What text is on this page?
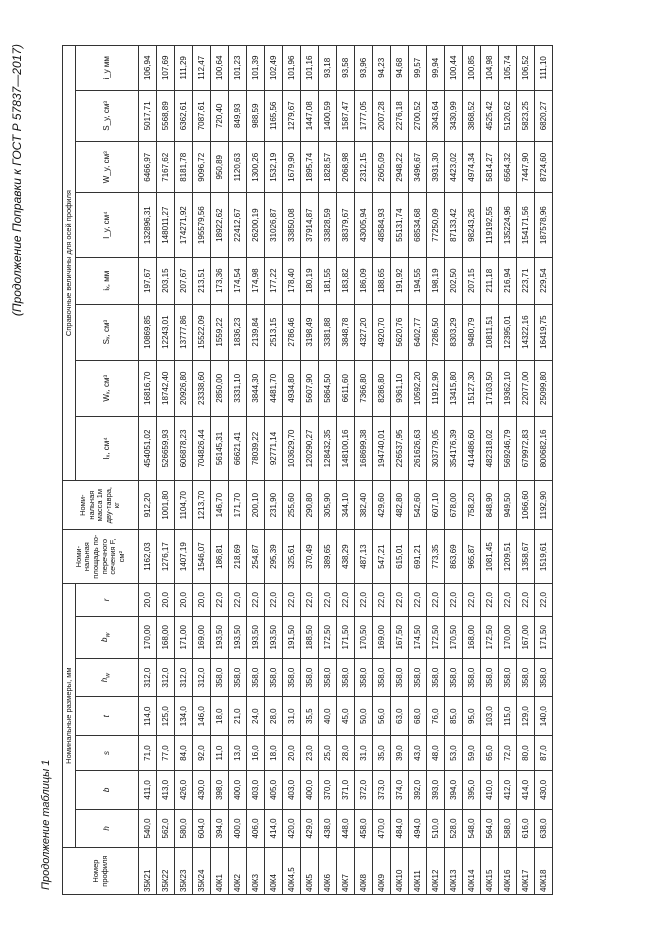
(Продолжение Поправки к ГОСТ Р 57837—2017)
Продолжение таблицы 1	Номер профиля	Номинальные размеры, мм							Номи-нальная площадь по-перечного сечения F, см²	Номи-нальная масса 1м дву-тавра, кг	Справочные величины для осей профиля							
	h	b	s	t	$h_w$	$b_w$	r			Iₓ, см⁴	Wₓ, см³	Sₓ, см³	iₓ, мм	I_y, см⁴	W_y, см³	S_y, см³	i_y мм
35К21	540,0	411,0	71,0	114,0	312,0	170,00	20,0	1162,03	912,20	454051,02	16816,70	10869,85	197,67	132896,31	6466,97	5017,71	106,94
35К22	562,0	413,0	77,0	125,0	312,0	168,00	20,0	1276,17	1001,80	526659,93	18742,40	12243,01	203,15	148011,27	7167,62	5568,89	107,69
35К23	580,0	426,0	84,0	134,0	312,0	171,00	20,0	1407,19	1104,70	606878,23	20926,80	13777,86	207,67	174271,92	8181,78	6362,61	111,29
35К24	604,0	430,0	92,0	146,0	312,0	169,00	20,0	1546,07	1213,70	704826,44	23338,60	15522,09	213,51	195579,56	9096,72	7087,61	112,47
40К1	394,0	398,0	11,0	18,0	358,0	193,50	22,0	186,81	146,70	56145,31	2850,00	1559,22	173,36	18922,62	950,89	720,40	100,64
40К2	400,0	400,0	13,0	21,0	358,0	193,50	22,0	218,69	171,70	66621,41	3331,10	1836,23	174,54	22412,67	1120,63	849,93	101,23
40К3	406,0	403,0	16,0	24,0	358,0	193,50	22,0	254,87	200,10	78039,22	3844,30	2139,84	174,98	26200,19	1300,26	988,59	101,39
40К4	414,0	405,0	18,0	28,0	358,0	193,50	22,0	295,39	231,90	92771,14	4481,70	2513,15	177,22	31026,87	1532,19	1165,56	102,49
40К4,5	420,0	403,0	20,0	31,0	358,0	191,50	22,0	325,61	255,60	103629,70	4934,80	2786,46	178,40	33850,08	1679,90	1279,67	101,96
40К5	429,0	400,0	23,0	35,5	358,0	188,50	22,0	370,49	290,80	120290,27	5607,90	3198,49	180,19	37914,87	1895,74	1447,08	101,16
40К6	438,0	370,0	25,0	40,0	358,0	172,50	22,0	389,65	305,90	128432,35	5864,50	3381,88	181,55	33828,59	1828,57	1400,59	93,18
40К7	448,0	371,0	28,0	45,0	358,0	171,50	22,0	438,29	344,10	148100,16	6611,60	3848,78	183,82	38379,67	2068,98	1587,47	93,58
40К8	458,0	372,0	31,0	50,0	358,0	170,50	22,0	487,13	382,40	168699,38	7366,80	4327,20	186,09	43005,94	2312,15	1777,05	93,96
40К9	470,0	373,0	35,0	56,0	358,0	169,00	22,0	547,21	429,60	194740,01	8286,80	4920,70	188,65	48584,93	2605,09	2007,28	94,23
40К10	484,0	374,0	39,0	63,0	358,0	167,50	22,0	615,01	482,80	226537,95	9361,10	5620,76	191,92	55131,74	2948,22	2276,18	94,68
40К11	494,0	392,0	43,0	68,0	358,0	174,50	22,0	691,21	542,60	261626,63	10592,20	6402,77	194,55	68534,68	3496,67	2700,52	99,57
40К12	510,0	393,0	48,0	76,0	358,0	172,50	22,0	773,35	607,10	303779,05	11912,90	7286,50	198,19	77250,09	3931,30	3043,64	99,94
40К13	528,0	394,0	53,0	85,0	358,0	170,50	22,0	863,69	678,00	354176,39	13415,80	8303,29	202,50	87133,42	4423,02	3430,99	100,44
40К14	548,0	395,0	59,0	95,0	358,0	168,00	22,0	965,87	758,20	414486,60	15127,30	9480,79	207,15	98243,26	4974,34	3868,52	100,85
40К15	564,0	410,0	65,0	103,0	358,0	172,50	22,0	1081,45	848,90	482318,02	17103,50	10811,51	211,18	119192,55	5814,27	4525,42	104,98
40К16	588,0	412,0	72,0	115,0	358,0	170,00	22,0	1209,51	949,50	569246,79	19362,10	12395,01	216,94	135224,96	6564,32	5120,62	105,74
40К17	616,0	414,0	80,0	129,0	358,0	167,00	22,0	1358,67	1066,60	679972,83	22077,00	14322,16	223,71	154171,56	7447,90	5823,25	106,52
40К18	638,0	430,0	87,0	140,0	358,0	171,50	22,0	1519,61	1192,90	800682,16	25099,80	16419,75	229,54	187578,96	8724,60	6820,27	111,10
